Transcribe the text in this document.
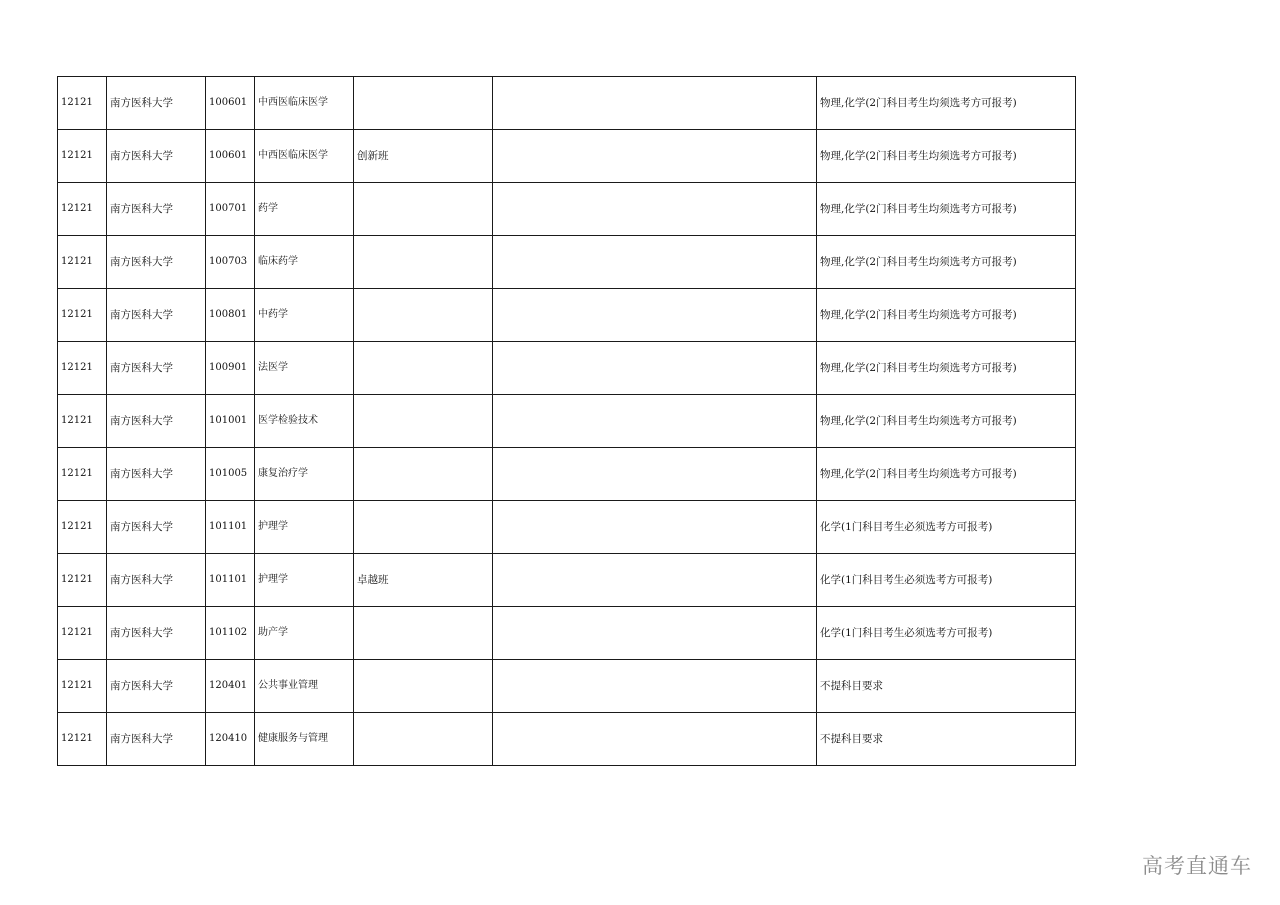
12121	南方医科大学	100601	中西医临床医学			物理,化学(2门科目考生均须选考方可报考)
12121	南方医科大学	100601	中西医临床医学	创新班		物理,化学(2门科目考生均须选考方可报考)
12121	南方医科大学	100701	药学			物理,化学(2门科目考生均须选考方可报考)
12121	南方医科大学	100703	临床药学			物理,化学(2门科目考生均须选考方可报考)
12121	南方医科大学	100801	中药学			物理,化学(2门科目考生均须选考方可报考)
12121	南方医科大学	100901	法医学			物理,化学(2门科目考生均须选考方可报考)
12121	南方医科大学	101001	医学检验技术			物理,化学(2门科目考生均须选考方可报考)
12121	南方医科大学	101005	康复治疗学			物理,化学(2门科目考生均须选考方可报考)
12121	南方医科大学	101101	护理学			化学(1门科目考生必须选考方可报考)
12121	南方医科大学	101101	护理学	卓越班		化学(1门科目考生必须选考方可报考)
12121	南方医科大学	101102	助产学			化学(1门科目考生必须选考方可报考)
12121	南方医科大学	120401	公共事业管理			不提科目要求
12121	南方医科大学	120410	健康服务与管理			不提科目要求
高考直通车
